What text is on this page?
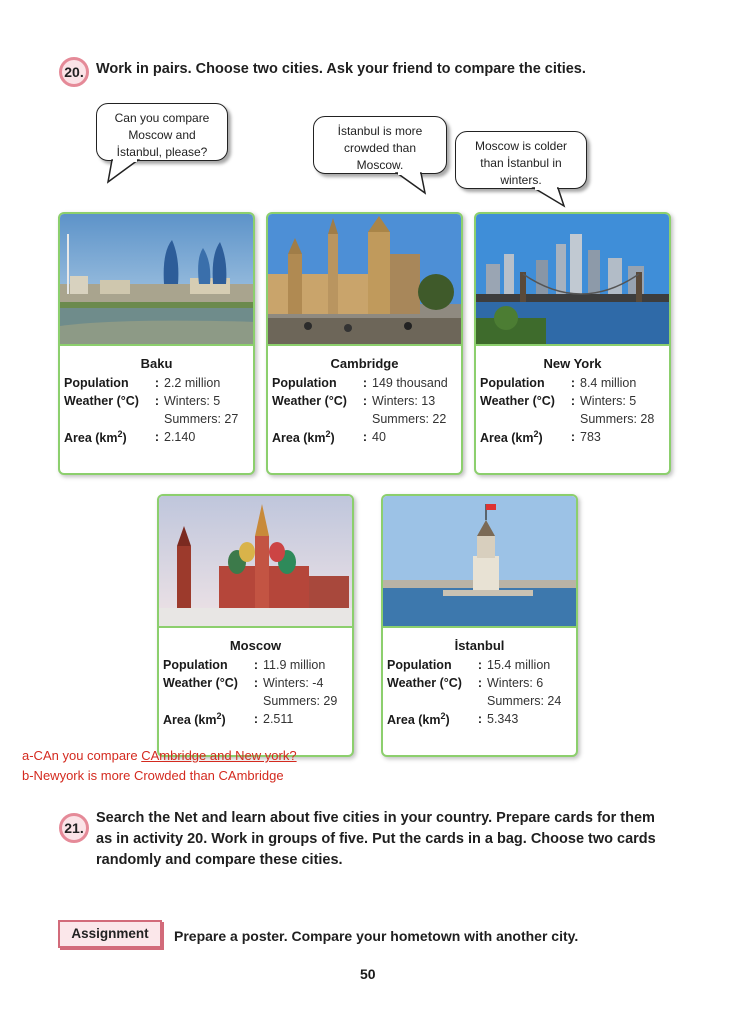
20. Work in pairs. Choose two cities. Ask your friend to compare the cities.
Can you compare
Moscow and
İstanbul, please?
İstanbul is more
crowded than
Moscow.
Moscow is colder
than İstanbul in
winters.
Baku
Population	:	2.2 million
Weather (°C)	:	Winters: 5
		Summers: 27
Area $(km^2)$	:	2.140
Cambridge
Population	:	149 thousand
Weather (°C)	:	Winters: 13
		Summers: 22
Area $(km^2)$	:	40
New York
Population	:	8.4 million
Weather (°C)	:	Winters: 5
		Summers: 28
Area $(km^2)$	:	783
Moscow
Population	:	11.9 million
Weather (°C)	:	Winters: -4
		Summers: 29
Area $(km^2)$	:	2.511
İstanbul
Population	:	15.4 million
Weather (°C)	:	Winters: 6
		Summers: 24
Area $(km^2)$	:	5.343
a-CAn you compare CAmbridge and New york?
b-Newyork is more Crowded than CAmbridge
21.
Search the Net and learn about five cities in your country. Prepare cards for them
as in activity 20. Work in groups of five. Put the cards in a bag. Choose two cards
randomly and compare these cities.
Assignment	Prepare a poster. Compare your hometown with another city.
50
